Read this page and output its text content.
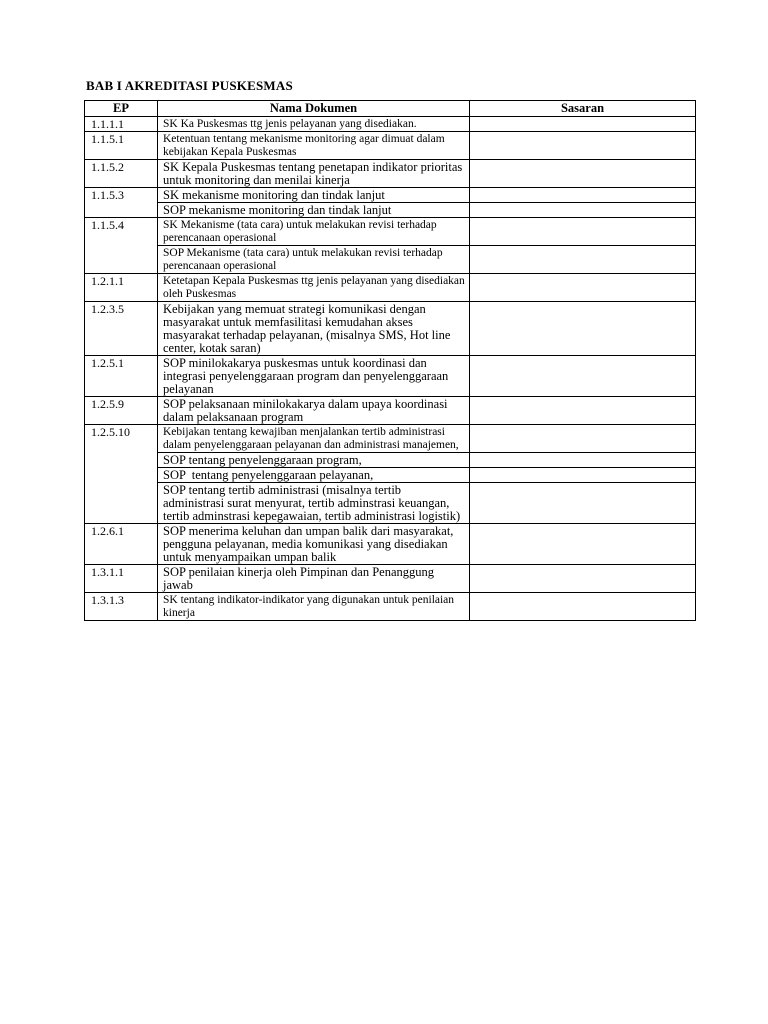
BAB I AKREDITASI PUSKESMAS
EP	Nama Dokumen	Sasaran
1.1.1.1	SK Ka Puskesmas ttg jenis pelayanan yang disediakan.	
1.1.5.1	Ketentuan tentang mekanisme monitoring agar dimuat dalam kebijakan Kepala Puskesmas	
1.1.5.2	SK Kepala Puskesmas tentang penetapan indikator prioritas untuk monitoring dan menilai kinerja	
1.1.5.3	SK mekanisme monitoring dan tindak lanjut	
	SOP mekanisme monitoring dan tindak lanjut	
1.1.5.4	SK Mekanisme (tata cara) untuk melakukan revisi terhadap perencanaan operasional	
	SOP Mekanisme (tata cara) untuk melakukan revisi terhadap perencanaan operasional	
1.2.1.1	Ketetapan Kepala Puskesmas ttg jenis pelayanan yang disediakan oleh Puskesmas	
1.2.3.5	Kebijakan yang memuat strategi komunikasi dengan masyarakat untuk memfasilitasi kemudahan akses masyarakat terhadap pelayanan, (misalnya SMS, Hot line center, kotak saran)	
1.2.5.1	SOP minilokakarya puskesmas untuk koordinasi dan integrasi penyelenggaraan program dan penyelenggaraan pelayanan	
1.2.5.9	SOP pelaksanaan minilokakarya dalam upaya koordinasi dalam pelaksanaan program	
1.2.5.10	Kebijakan tentang kewajiban menjalankan tertib administrasi dalam penyelenggaraan pelayanan dan administrasi manajemen,	
	SOP tentang penyelenggaraan program,	
	SOP  tentang penyelenggaraan pelayanan,	
	SOP tentang tertib administrasi (misalnya tertib administrasi surat menyurat, tertib adminstrasi keuangan, tertib adminstrasi kepegawaian, tertib administrasi logistik)	
1.2.6.1	SOP menerima keluhan dan umpan balik dari masyarakat, pengguna pelayanan, media komunikasi yang disediakan untuk menyampaikan umpan balik	
1.3.1.1	SOP penilaian kinerja oleh Pimpinan dan Penanggung jawab	
1.3.1.3	SK tentang indikator-indikator yang digunakan untuk penilaian kinerja	
